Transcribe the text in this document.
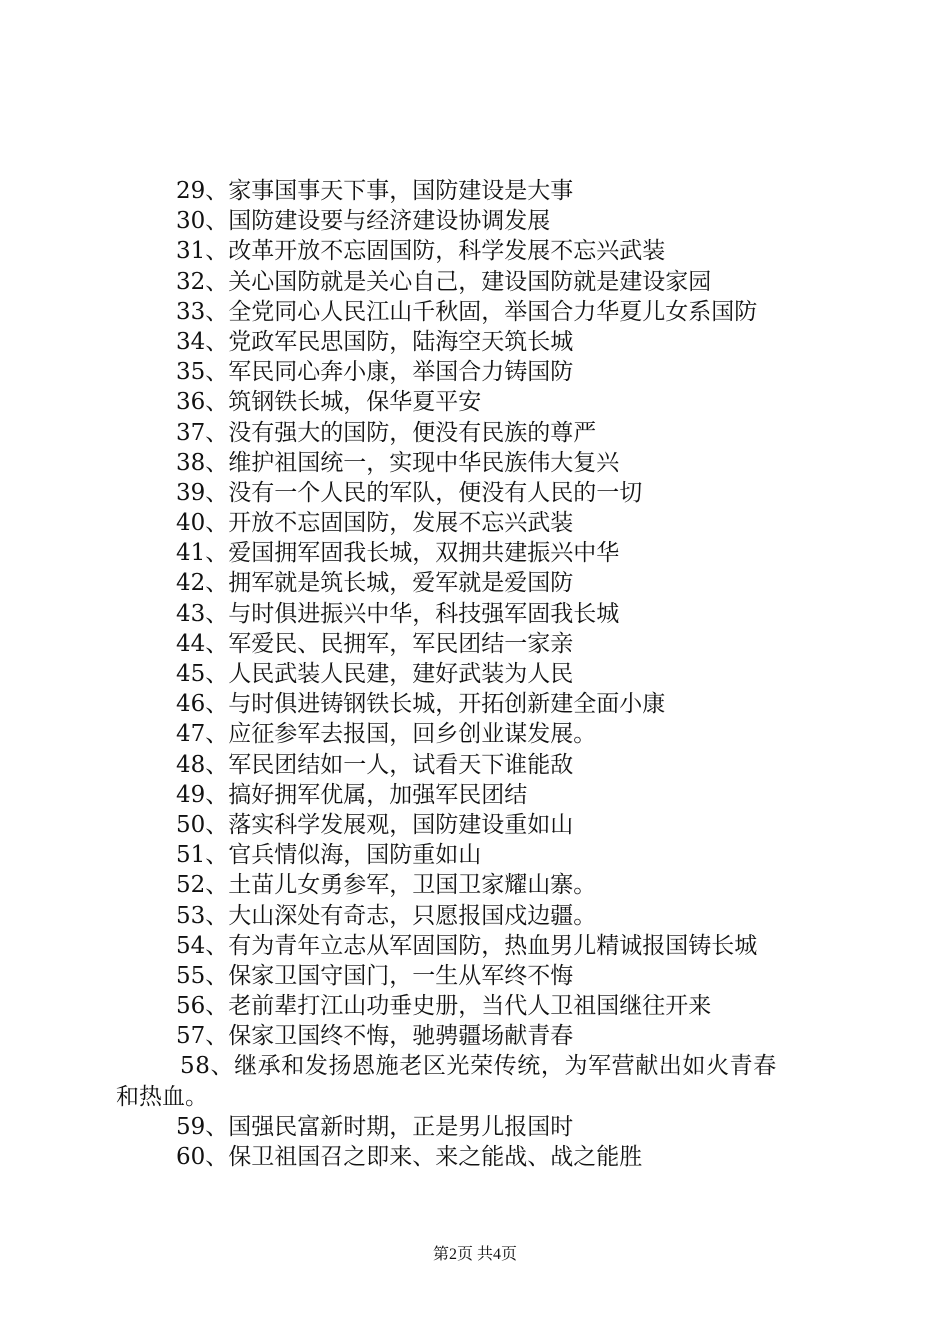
29、家事国事天下事，国防建设是大事
30、国防建设要与经济建设协调发展
31、改革开放不忘固国防，科学发展不忘兴武装
32、关心国防就是关心自己，建设国防就是建设家园
33、全党同心人民江山千秋固，举国合力华夏儿女系国防
34、党政军民思国防，陆海空天筑长城
35、军民同心奔小康，举国合力铸国防
36、筑钢铁长城，保华夏平安
37、没有强大的国防，便没有民族的尊严
38、维护祖国统一，实现中华民族伟大复兴
39、没有一个人民的军队，便没有人民的一切
40、开放不忘固国防，发展不忘兴武装
41、爱国拥军固我长城，双拥共建振兴中华
42、拥军就是筑长城，爱军就是爱国防
43、与时俱进振兴中华，科技强军固我长城
44、军爱民、民拥军，军民团结一家亲
45、人民武装人民建，建好武装为人民
46、与时俱进铸钢铁长城，开拓创新建全面小康
47、应征参军去报国，回乡创业谋发展。
48、军民团结如一人，试看天下谁能敌
49、搞好拥军优属，加强军民团结
50、落实科学发展观，国防建设重如山
51、官兵情似海，国防重如山
52、土苗儿女勇参军，卫国卫家耀山寨。
53、大山深处有奇志，只愿报国戍边疆。
54、有为青年立志从军固国防，热血男儿精诚报国铸长城
55、保家卫国守国门，一生从军终不悔
56、老前辈打江山功垂史册，当代人卫祖国继往开来
57、保家卫国终不悔，驰骋疆场献青春
58、继承和发扬恩施老区光荣传统，为军营献出如火青春
和热血。
59、国强民富新时期，正是男儿报国时
60、保卫祖国召之即来、来之能战、战之能胜
第2页 共4页
